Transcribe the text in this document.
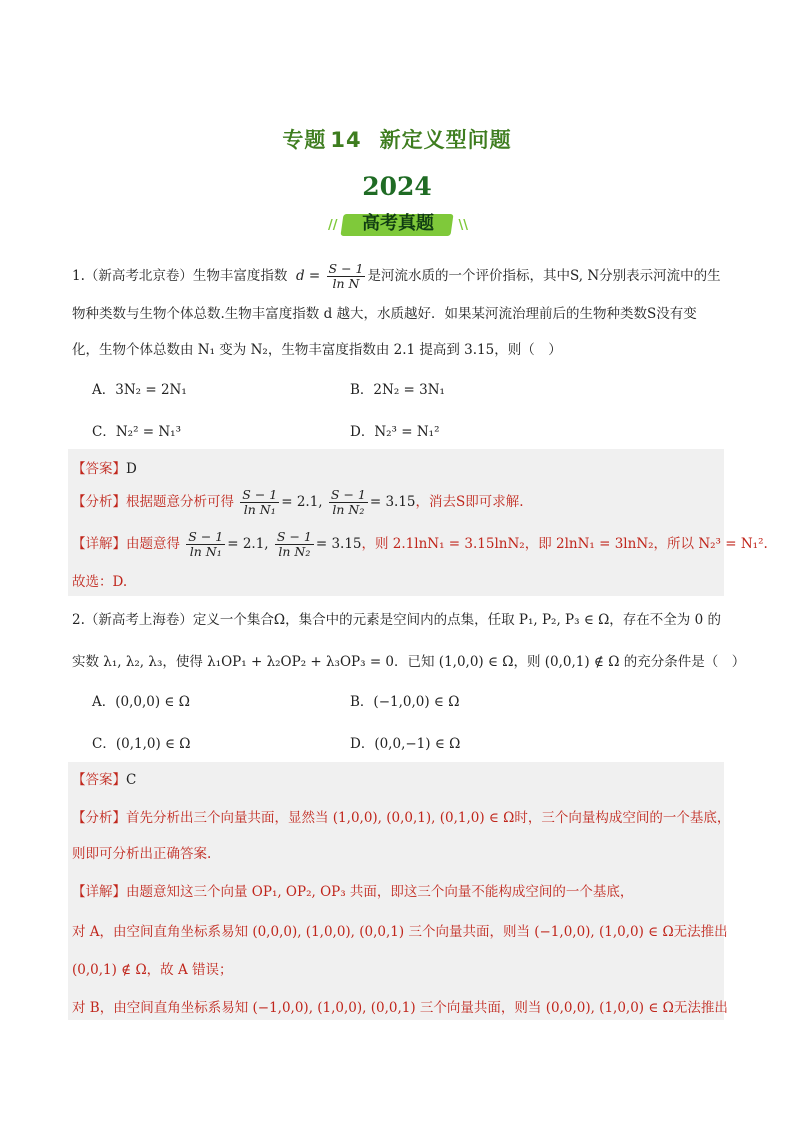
专题 14 新定义型问题
2024
//	高考真题	\\
1.（新高考北京卷）生物丰富度指数 $d = \frac{S - 1}{\text{ln N}}$ 是河流水质的一个评价指标，其中S, N分别表示河流中的生
物种类数与生物个体总数.生物丰富度指数 d 越大，水质越好．如果某河流治理前后的生物种类数S没有变
化，生物个体总数由 N₁ 变为 N₂，生物丰富度指数由 2.1 提高到 3.15，则（　）
A．3N₂ = 2N₁	B．2N₂ = 3N₁
C．N₂² = N₁³	D．N₂³ = N₁²
【答案】D
【分析】根据题意分析可得 $\frac{S - 1}{\text{ln N₁}} = 2.1$, $\frac{S - 1}{\text{ln N₂}} = 3.15$，消去S即可求解.
【详解】由题意得 $\frac{S - 1}{\text{ln N₁}} = 2.1$, $\frac{S - 1}{\text{ln N₂}} = 3.15$，则 2.1lnN₁ = 3.15lnN₂，即 2lnN₁ = 3lnN₂，所以 N₂³ = N₁².
故选：D.
2.（新高考上海卷）定义一个集合Ω，集合中的元素是空间内的点集，任取 P₁, P₂, P₃ ∈ Ω，存在不全为 0 的
实数 λ₁, λ₂, λ₃，使得 λ₁OP₁ + λ₂OP₂ + λ₃OP₃ = 0．已知 (1,0,0) ∈ Ω，则 (0,0,1) ∉ Ω 的充分条件是（　）
A．(0,0,0) ∈ Ω	B．(−1,0,0) ∈ Ω
C．(0,1,0) ∈ Ω	D．(0,0,−1) ∈ Ω
【答案】C
【分析】首先分析出三个向量共面，显然当 (1,0,0), (0,0,1), (0,1,0) ∈ Ω时，三个向量构成空间的一个基底，
则即可分析出正确答案.
【详解】由题意知这三个向量 OP₁, OP₂, OP₃ 共面，即这三个向量不能构成空间的一个基底，
对 A，由空间直角坐标系易知 (0,0,0), (1,0,0), (0,0,1) 三个向量共面，则当 (−1,0,0), (1,0,0) ∈ Ω无法推出
(0,0,1) ∉ Ω，故 A 错误；
对 B，由空间直角坐标系易知 (−1,0,0), (1,0,0), (0,0,1) 三个向量共面，则当 (0,0,0), (1,0,0) ∈ Ω无法推出
